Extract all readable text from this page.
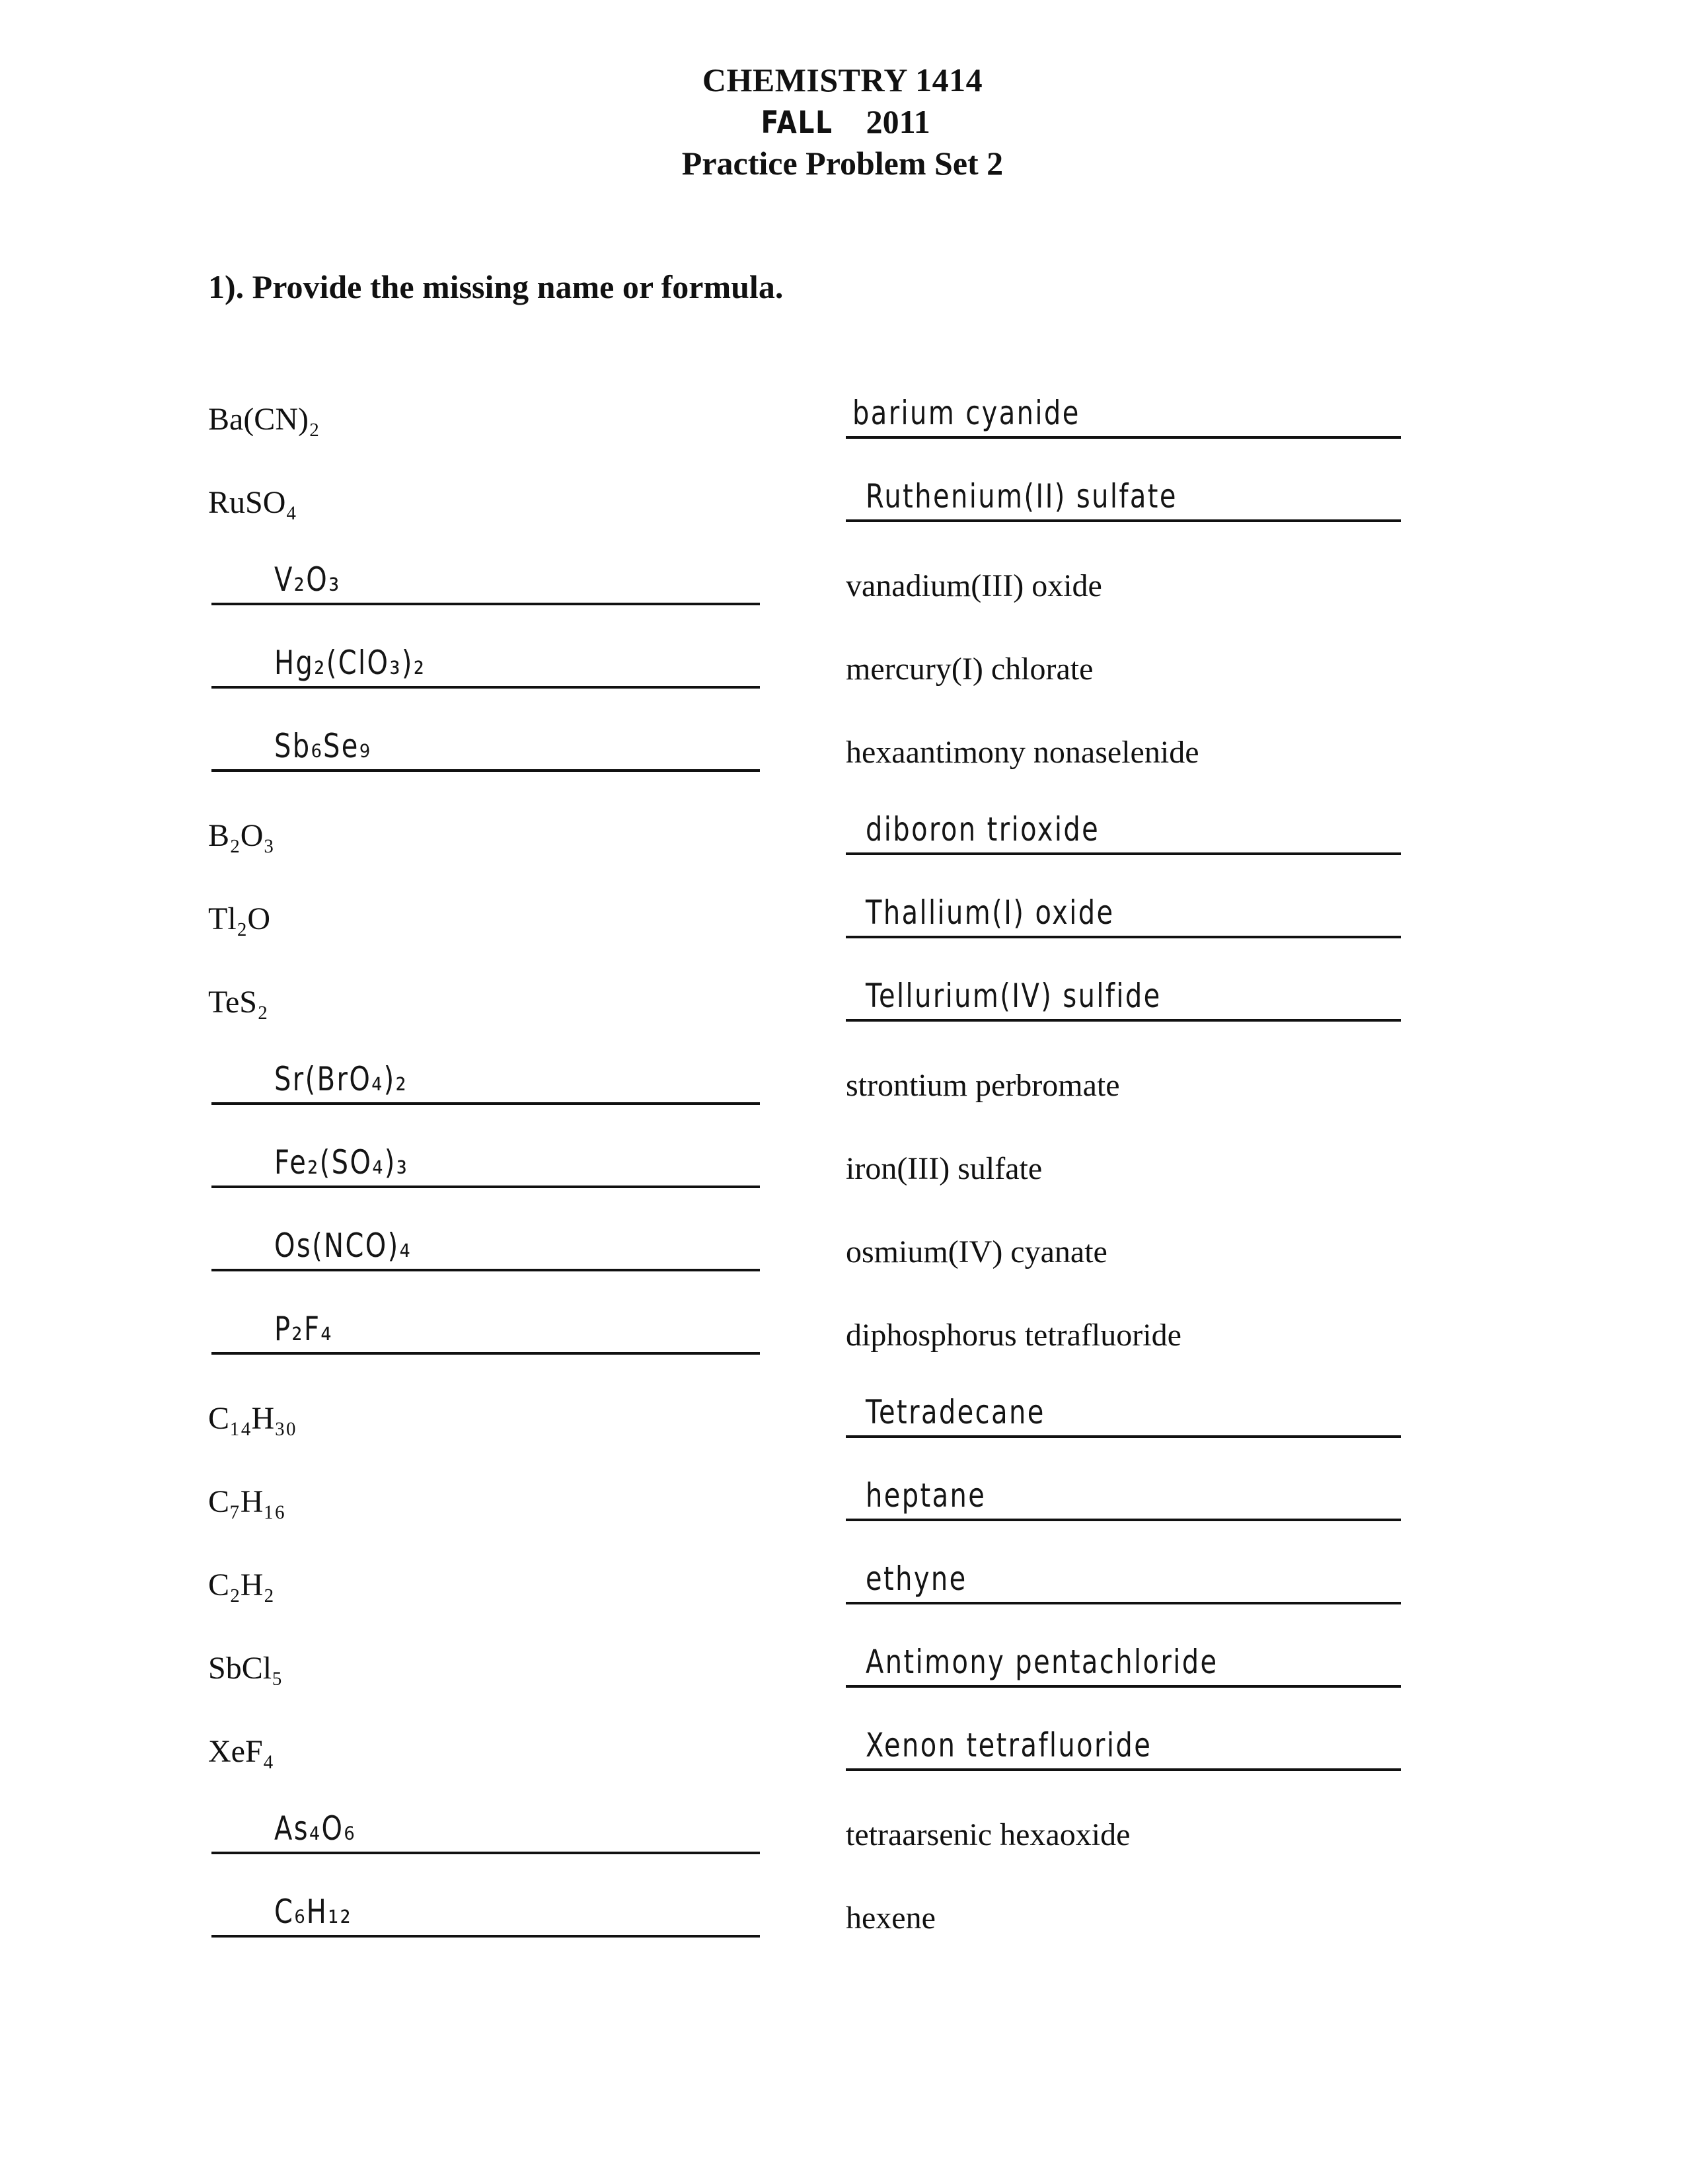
CHEMISTRY 1414
FALL 2011
Practice Problem Set 2
1). Provide the missing name or formula.
Ba(CN)₂	barium cyanide
RuSO₄	Ruthenium(II) sulfate
V₂O₃	vanadium(III) oxide
Hg₂(ClO₃)₂	mercury(I) chlorate
Sb₆Se₉	hexaantimony nonaselenide
B₂O₃	diboron trioxide
Tl₂O	Thallium(I) oxide
TeS₂	Tellurium(IV) sulfide
Sr(BrO₄)₂	strontium perbromate
Fe₂(SO₄)₃	iron(III) sulfate
Os(NCO)₄	osmium(IV) cyanate
P₂F₄	diphosphorus tetrafluoride
C₁₄H₃₀	Tetradecane
C₇H₁₆	heptane
C₂H₂	ethyne
SbCl₅	Antimony pentachloride
XeF₄	Xenon tetrafluoride
As₄O₆	tetraarsenic hexaoxide
C₆H₁₂	hexene
